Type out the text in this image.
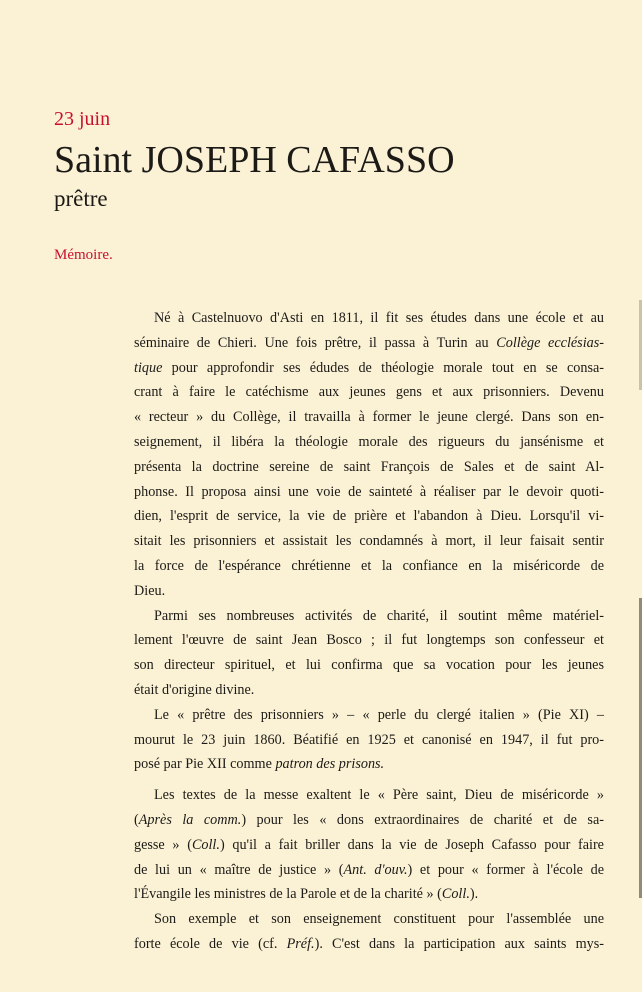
23 juin
Saint JOSEPH CAFASSO
prêtre
Mémoire.
Né à Castelnuovo d'Asti en 1811, il fit ses études dans une école et au
séminaire de Chieri. Une fois prêtre, il passa à Turin au Collège ecclésias-
tique pour approfondir ses édudes de théologie morale tout en se consa-
crant à faire le catéchisme aux jeunes gens et aux prisonniers. Devenu
« recteur » du Collège, il travailla à former le jeune clergé. Dans son en-
seignement, il libéra la théologie morale des rigueurs du jansénisme et
présenta la doctrine sereine de saint François de Sales et de saint Al-
phonse. Il proposa ainsi une voie de sainteté à réaliser par le devoir quoti-
dien, l'esprit de service, la vie de prière et l'abandon à Dieu. Lorsqu'il vi-
sitait les prisonniers et assistait les condamnés à mort, il leur faisait sentir
la force de l'espérance chrétienne et la confiance en la miséricorde de
Dieu.
Parmi ses nombreuses activités de charité, il soutint même matériel-
lement l'œuvre de saint Jean Bosco ; il fut longtemps son confesseur et
son directeur spirituel, et lui confirma que sa vocation pour les jeunes
était d'origine divine.
Le « prêtre des prisonniers » – « perle du clergé italien » (Pie XI) –
mourut le 23 juin 1860. Béatifié en 1925 et canonisé en 1947, il fut pro-
posé par Pie XII comme patron des prisons.
Les textes de la messe exaltent le « Père saint, Dieu de miséricorde »
(Après la comm.) pour les « dons extraordinaires de charité et de sa-
gesse » (Coll.) qu'il a fait briller dans la vie de Joseph Cafasso pour faire
de lui un « maître de justice » (Ant. d'ouv.) et pour « former à l'école de
l'Évangile les ministres de la Parole et de la charité » (Coll.).
Son exemple et son enseignement constituent pour l'assemblée une
forte école de vie (cf. Préf.). C'est dans la participation aux saints mys-
